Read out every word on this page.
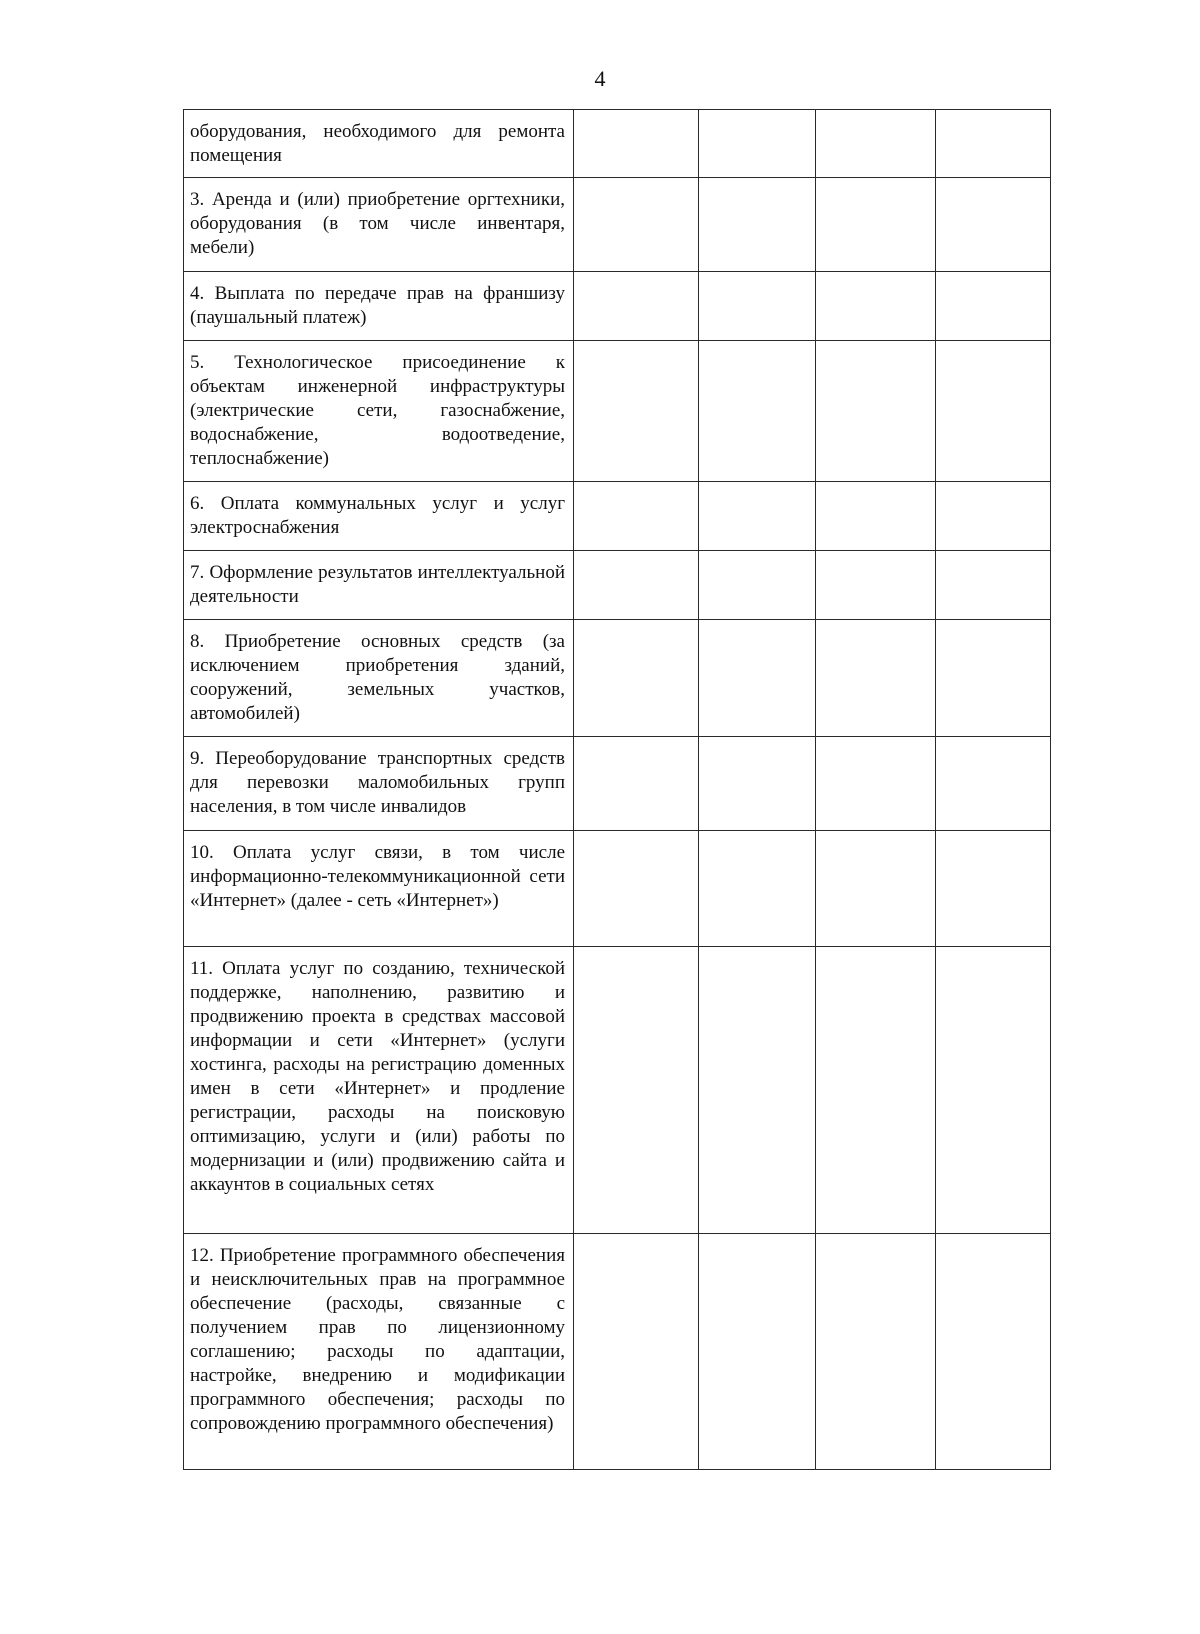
4
оборудования, необходимого для ремонта помещения				

3. Аренда и (или) приобретение оргтехники, оборудования (в том числе инвентаря, мебели)				

4. Выплата по передаче прав на франшизу (паушальный платеж)				

5. Технологическое присоединение к объектам инженерной инфраструктуры (электрические сети, газоснабжение, водоснабжение, водоотведение, теплоснабжение)				

6. Оплата коммунальных услуг и услуг электроснабжения				

7. Оформление результатов интеллектуальной деятельности				

8. Приобретение основных средств (за исключением приобретения зданий, сооружений, земельных участков, автомобилей)				

9. Переоборудование транспортных средств для перевозки маломобильных групп населения, в том числе инвалидов				

10. Оплата услуг связи, в том числе информационно-телекоммуникационной сети «Интернет» (далее - сеть «Интернет»)				

11. Оплата услуг по созданию, технической поддержке, наполнению, развитию и продвижению проекта в средствах массовой информации и сети «Интернет» (услуги хостинга, расходы на регистрацию доменных имен в сети «Интернет» и продление регистрации, расходы на поисковую оптимизацию, услуги и (или) работы по модернизации и (или) продвижению сайта и аккаунтов в социальных сетях				

12. Приобретение программного обеспечения и неисключительных прав на программное обеспечение (расходы, связанные с получением прав по лицензионному соглашению; расходы по адаптации, настройке, внедрению и модификации программного обеспечения; расходы по сопровождению программного обеспечения)				
